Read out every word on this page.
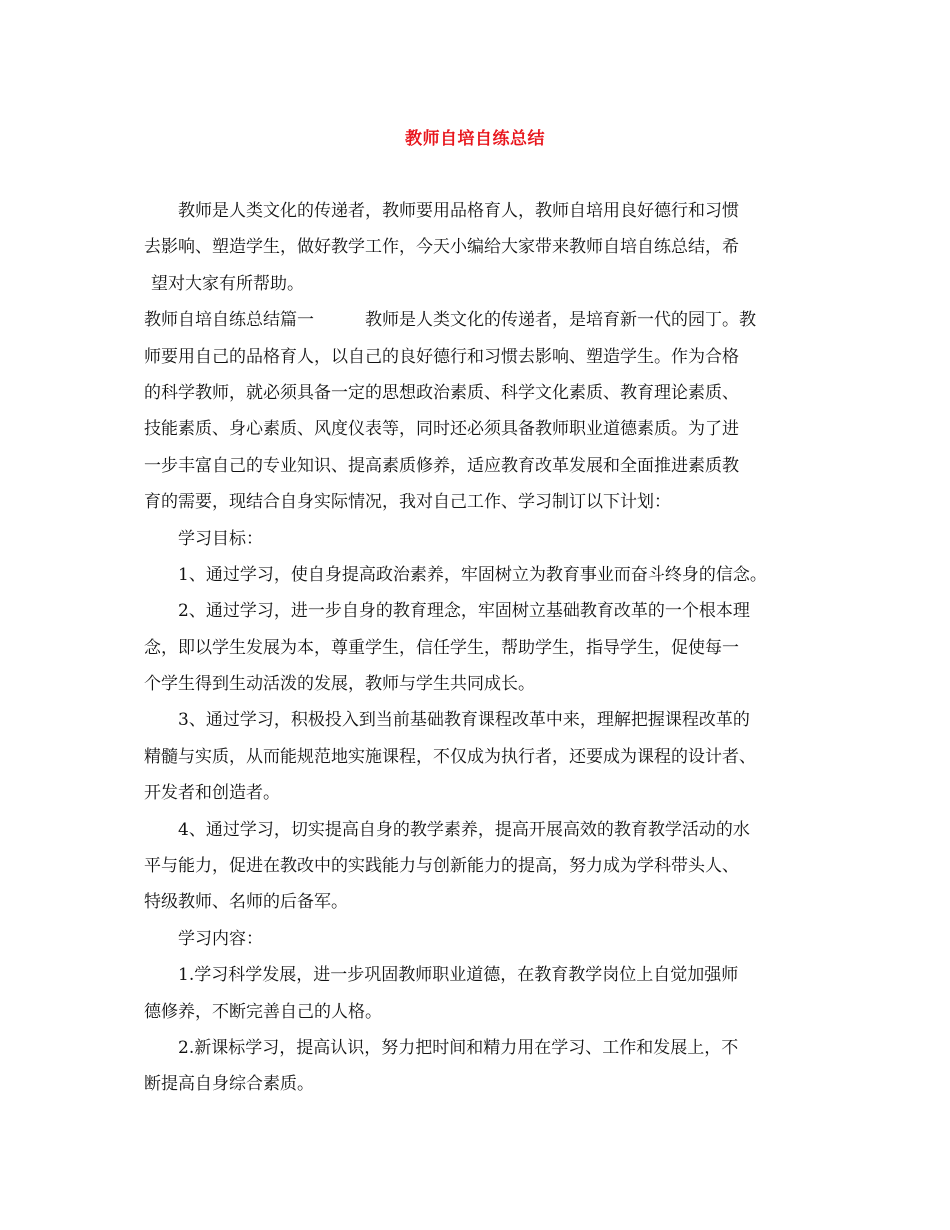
教师自培自练总结
教师是人类文化的传递者，教师要用品格育人，教师自培用良好德行和习惯
去影响、塑造学生，做好教学工作，今天小编给大家带来教师自培自练总结，希
望对大家有所帮助。
教师自培自练总结篇一　　　教师是人类文化的传递者，是培育新一代的园丁。教
师要用自己的品格育人，以自己的良好德行和习惯去影响、塑造学生。作为合格
的科学教师，就必须具备一定的思想政治素质、科学文化素质、教育理论素质、
技能素质、身心素质、风度仪表等，同时还必须具备教师职业道德素质。为了进
一步丰富自己的专业知识、提高素质修养，适应教育改革发展和全面推进素质教
育的需要，现结合自身实际情况，我对自己工作、学习制订以下计划：
学习目标：
1、通过学习，使自身提高政治素养，牢固树立为教育事业而奋斗终身的信念。
2、通过学习，进一步自身的教育理念，牢固树立基础教育改革的一个根本理
念，即以学生发展为本，尊重学生，信任学生，帮助学生，指导学生，促使每一
个学生得到生动活泼的发展，教师与学生共同成长。
3、通过学习，积极投入到当前基础教育课程改革中来，理解把握课程改革的
精髓与实质，从而能规范地实施课程，不仅成为执行者，还要成为课程的设计者、
开发者和创造者。
4、通过学习，切实提高自身的教学素养，提高开展高效的教育教学活动的水
平与能力，促进在教改中的实践能力与创新能力的提高，努力成为学科带头人、
特级教师、名师的后备军。
学习内容：
1.学习科学发展，进一步巩固教师职业道德，在教育教学岗位上自觉加强师
德修养，不断完善自己的人格。
2.新课标学习，提高认识，努力把时间和精力用在学习、工作和发展上，不
断提高自身综合素质。
